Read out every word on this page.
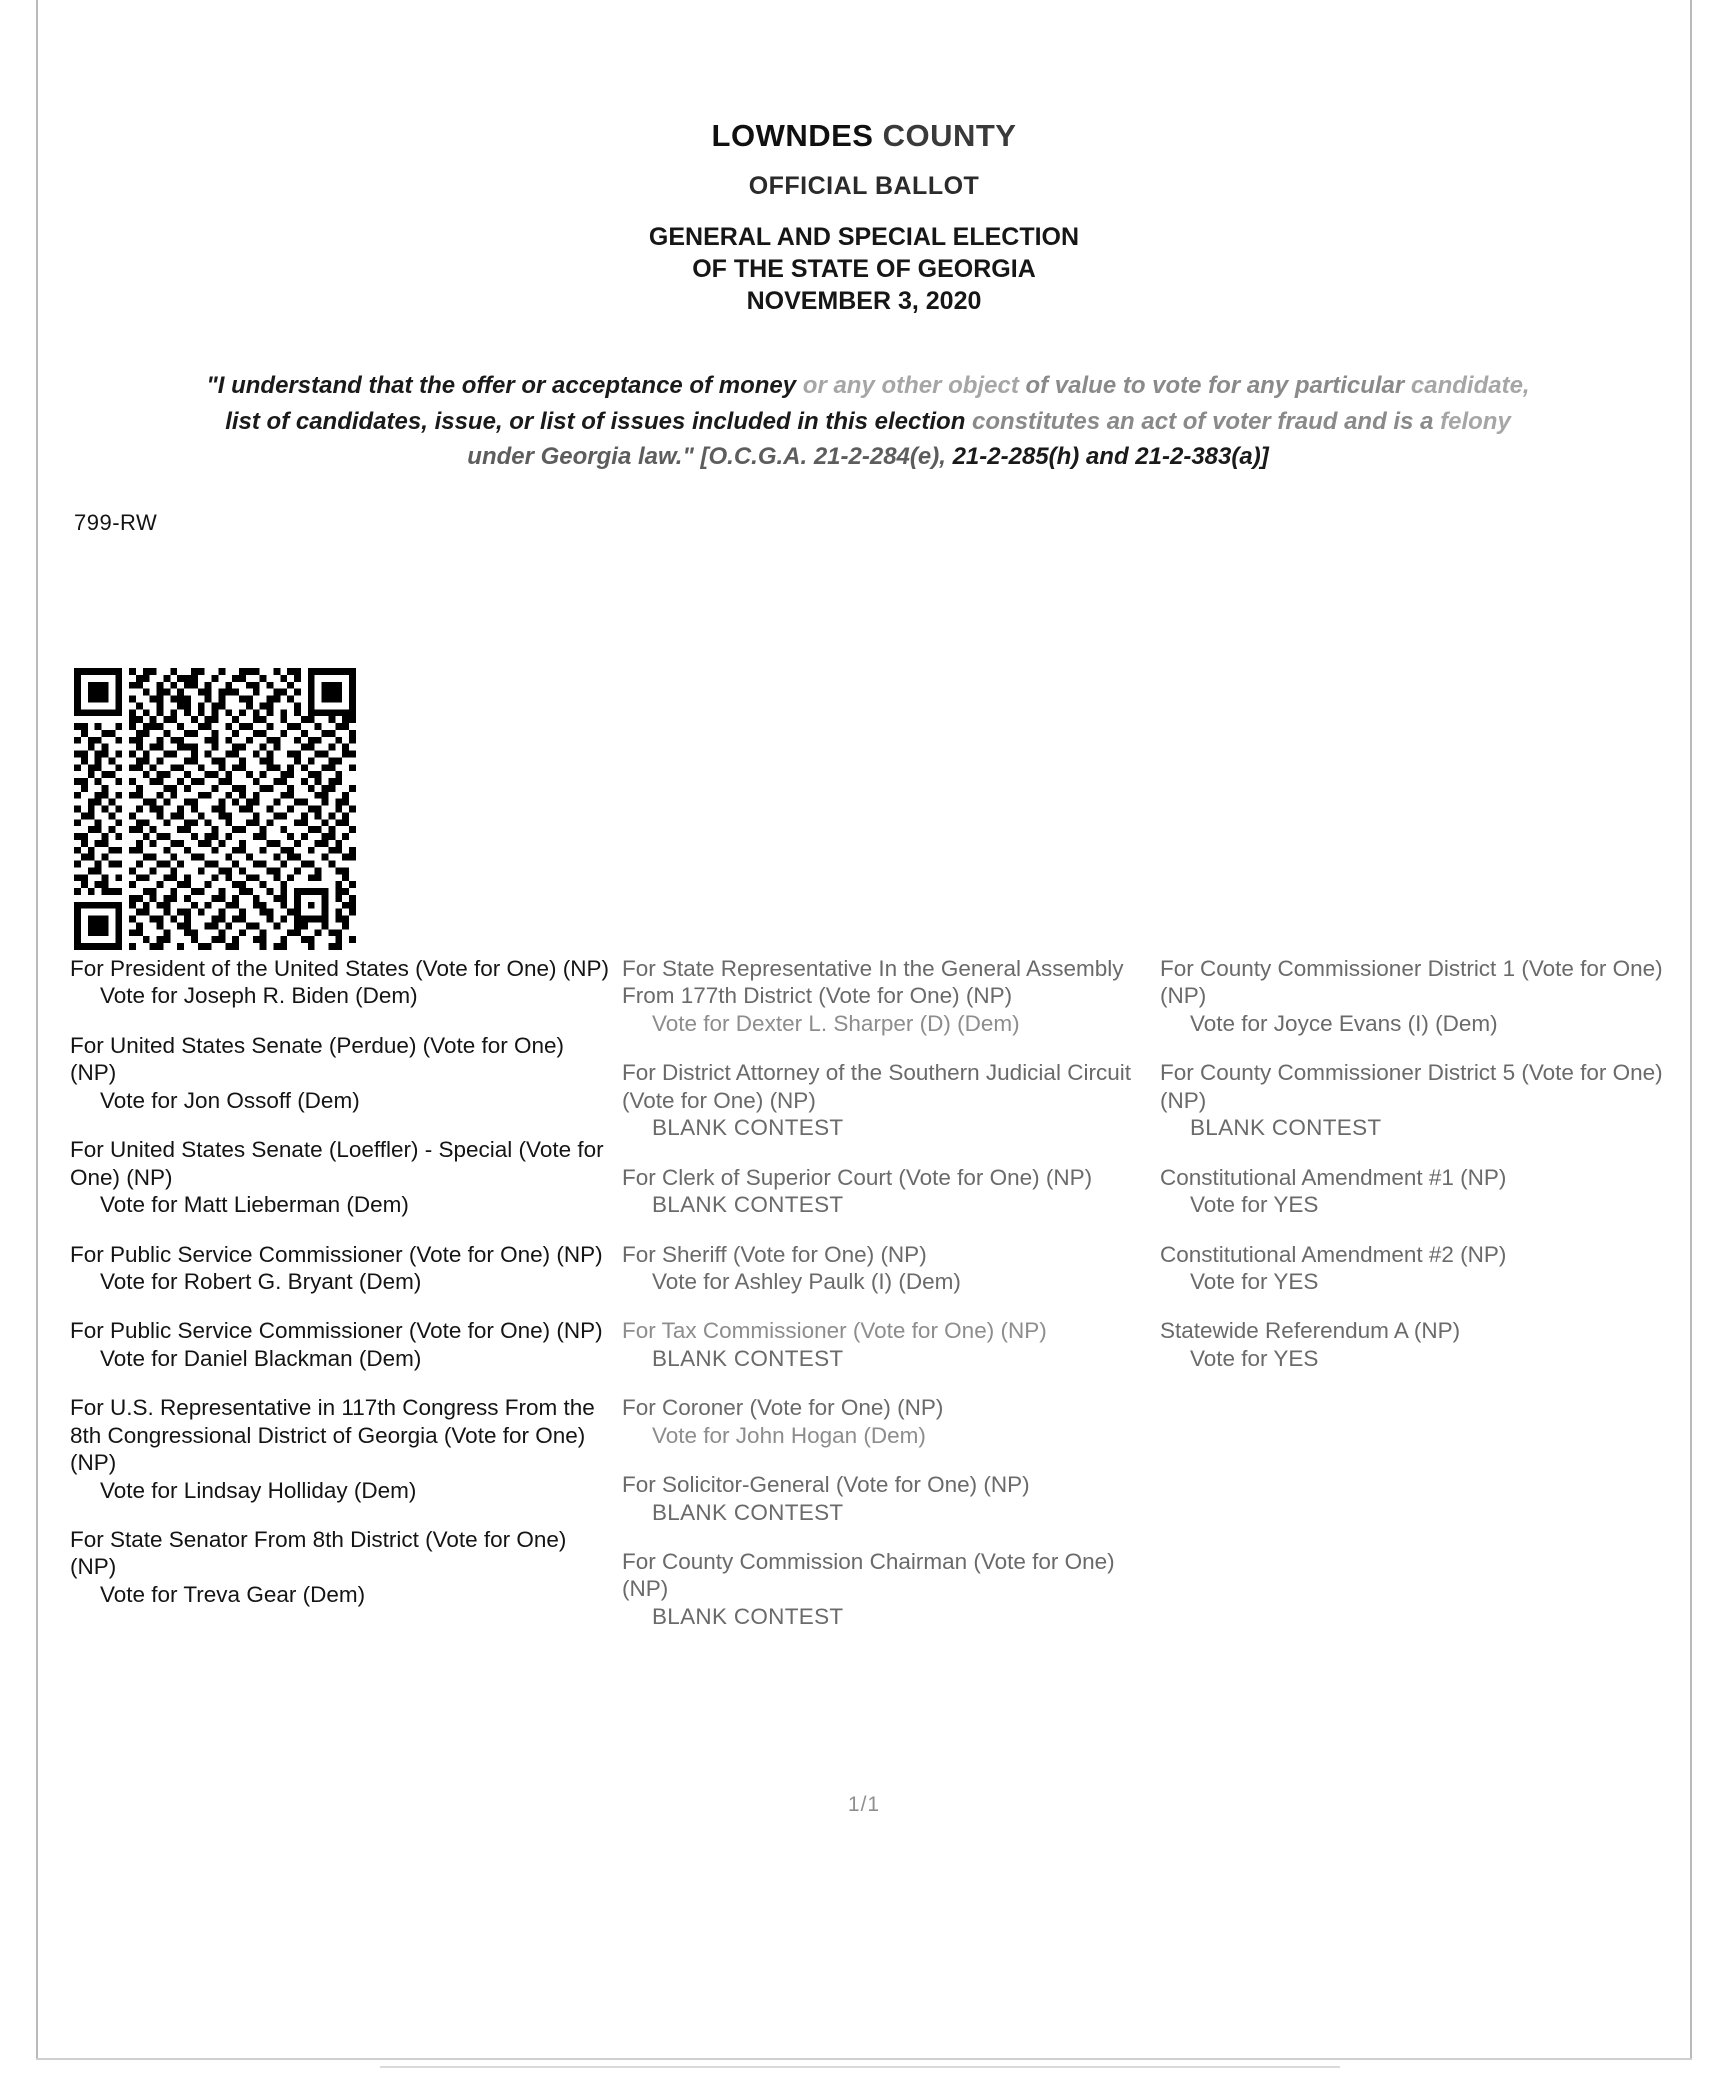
LOWNDES COUNTY
OFFICIAL BALLOT
GENERAL AND SPECIAL ELECTION
OF THE STATE OF GEORGIA
NOVEMBER 3, 2020
"I understand that the offer or acceptance of money or any other object of value to vote for any particular candidate,
list of candidates, issue, or list of issues included in this election constitutes an act of voter fraud and is a felony
under Georgia law." [O.C.G.A. 21-2-284(e), 21-2-285(h) and 21-2-383(a)]
799-RW
For President of the United States (Vote for One) (NP)
Vote for Joseph R. Biden (Dem)
For United States Senate (Perdue) (Vote for One) (NP)
Vote for Jon Ossoff (Dem)
For United States Senate (Loeffler) - Special (Vote for One) (NP)
Vote for Matt Lieberman (Dem)
For Public Service Commissioner (Vote for One) (NP)
Vote for Robert G. Bryant (Dem)
For Public Service Commissioner (Vote for One) (NP)
Vote for Daniel Blackman (Dem)
For U.S. Representative in 117th Congress From the 8th Congressional District of Georgia (Vote for One) (NP)
Vote for Lindsay Holliday (Dem)
For State Senator From 8th District (Vote for One) (NP)
Vote for Treva Gear (Dem)
For State Representative In the General Assembly From 177th District (Vote for One) (NP)
Vote for Dexter L. Sharper (D) (Dem)
For District Attorney of the Southern Judicial Circuit (Vote for One) (NP)
BLANK CONTEST
For Clerk of Superior Court (Vote for One) (NP)
BLANK CONTEST
For Sheriff (Vote for One) (NP)
Vote for Ashley Paulk (I) (Dem)
For Tax Commissioner (Vote for One) (NP)
BLANK CONTEST
For Coroner (Vote for One) (NP)
Vote for John Hogan (Dem)
For Solicitor-General (Vote for One) (NP)
BLANK CONTEST
For County Commission Chairman (Vote for One) (NP)
BLANK CONTEST
For County Commissioner District 1 (Vote for One) (NP)
Vote for Joyce Evans (I) (Dem)
For County Commissioner District 5 (Vote for One) (NP)
BLANK CONTEST
Constitutional Amendment #1 (NP)
Vote for YES
Constitutional Amendment #2 (NP)
Vote for YES
Statewide Referendum A (NP)
Vote for YES
1/1
